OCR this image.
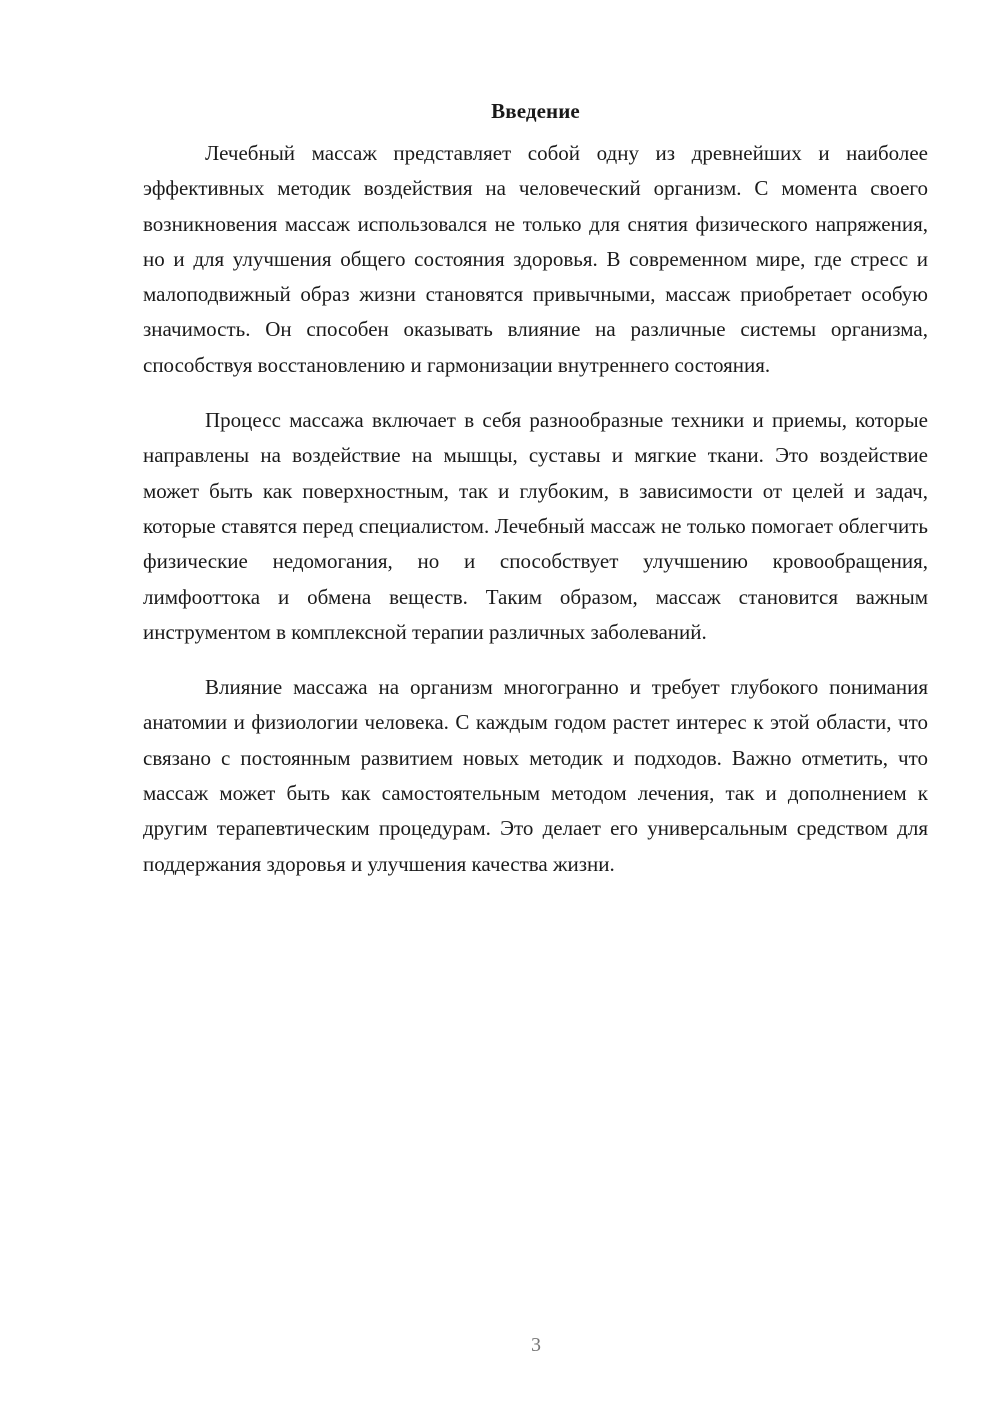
Введение

Лечебный массаж представляет собой одну из древнейших и наиболее эффективных методик воздействия на человеческий организм. С момента своего возникновения массаж использовался не только для снятия физического напряжения, но и для улучшения общего состояния здоровья. В современном мире, где стресс и малоподвижный образ жизни становятся привычными, массаж приобретает особую значимость. Он способен оказывать влияние на различные системы организма, способствуя восстановлению и гармонизации внутреннего состояния.

Процесс массажа включает в себя разнообразные техники и приемы, которые направлены на воздействие на мышцы, суставы и мягкие ткани. Это воздействие может быть как поверхностным, так и глубоким, в зависимости от целей и задач, которые ставятся перед специалистом. Лечебный массаж не только помогает облегчить физические недомогания, но и способствует улучшению кровообращения, лимфооттока и обмена веществ. Таким образом, массаж становится важным инструментом в комплексной терапии различных заболеваний.

Влияние массажа на организм многогранно и требует глубокого понимания анатомии и физиологии человека. С каждым годом растет интерес к этой области, что связано с постоянным развитием новых методик и подходов. Важно отметить, что массаж может быть как самостоятельным методом лечения, так и дополнением к другим терапевтическим процедурам. Это делает его универсальным средством для поддержания здоровья и улучшения качества жизни.

3
